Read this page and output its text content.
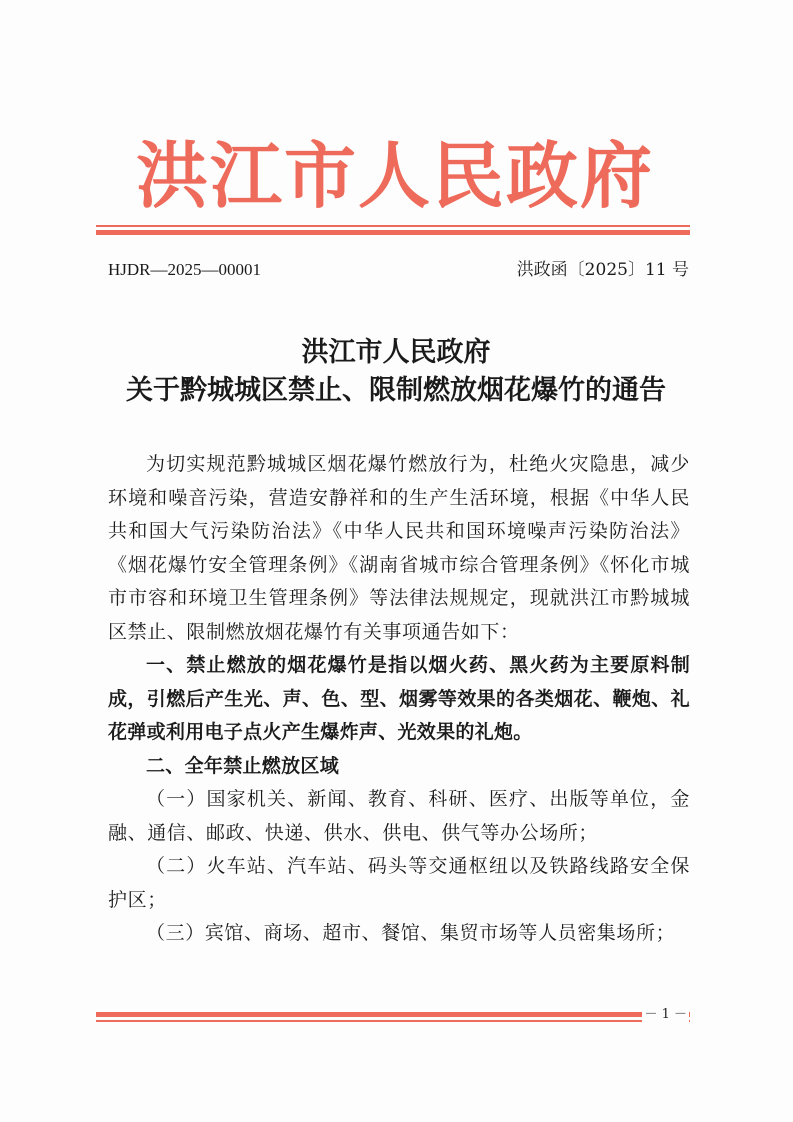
洪江市人民政府
HJDR—2025—00001	洪政函〔2025〕11 号
洪江市人民政府
关于黔城城区禁止、限制燃放烟花爆竹的通告

为切实规范黔城城区烟花爆竹燃放行为，杜绝火灾隐患，减少环境和噪音污染，营造安静祥和的生产生活环境，根据《中华人民共和国大气污染防治法》《中华人民共和国环境噪声污染防治法》《烟花爆竹安全管理条例》《湖南省城市综合管理条例》《怀化市城市市容和环境卫生管理条例》等法律法规规定，现就洪江市黔城城区禁止、限制燃放烟花爆竹有关事项通告如下：

一、禁止燃放的烟花爆竹是指以烟火药、黑火药为主要原料制成，引燃后产生光、声、色、型、烟雾等效果的各类烟花、鞭炮、礼花弹或利用电子点火产生爆炸声、光效果的礼炮。

二、全年禁止燃放区域

（一）国家机关、新闻、教育、科研、医疗、出版等单位，金融、通信、邮政、快递、供水、供电、供气等办公场所；

（二）火车站、汽车站、码头等交通枢纽以及铁路线路安全保护区；

（三）宾馆、商场、超市、餐馆、集贸市场等人员密集场所；

－ 1 －
